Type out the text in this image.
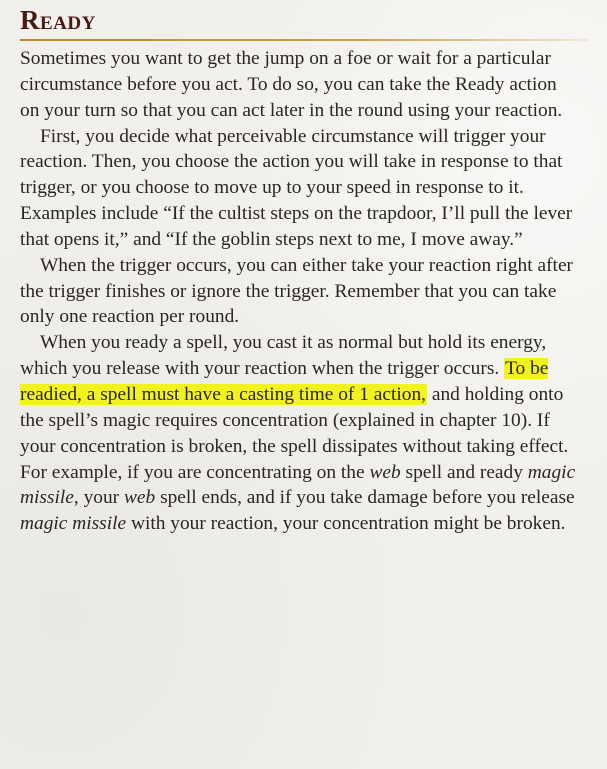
Ready

Sometimes you want to get the jump on a foe or wait for a particular circumstance before you act. To do so, you can take the Ready action on your turn so that you can act later in the round using your reaction.

First, you decide what perceivable circumstance will trigger your reaction. Then, you choose the action you will take in response to that trigger, or you choose to move up to your speed in response to it. Examples include “If the cultist steps on the trapdoor, I’ll pull the lever that opens it,” and “If the goblin steps next to me, I move away.”

When the trigger occurs, you can either take your reaction right after the trigger finishes or ignore the trigger. Remember that you can take only one reaction per round.

When you ready a spell, you cast it as normal but hold its energy, which you release with your reaction when the trigger occurs. To be readied, a spell must have a casting time of 1 action, and holding onto the spell’s magic requires concentration (explained in chapter 10). If your concentration is broken, the spell dissipates without taking effect. For example, if you are concentrating on the web spell and ready magic missile, your web spell ends, and if you take damage before you release magic missile with your reaction, your concentration might be broken.
